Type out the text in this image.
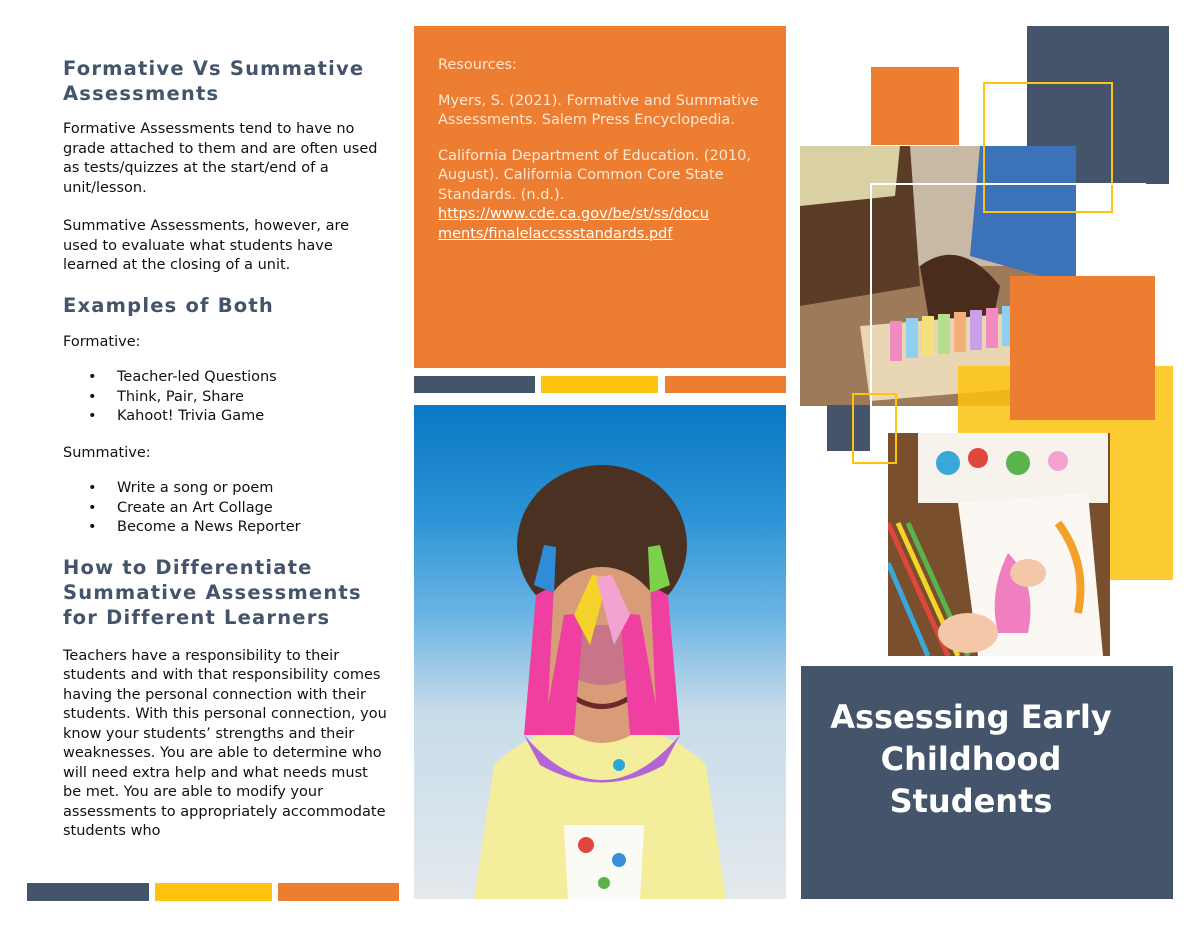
Formative Vs Summative Assessments

Formative Assessments tend to have no grade attached to them and are often used as tests/quizzes at the start/end of a unit/lesson.

Summative Assessments, however, are used to evaluate what students have learned at the closing of a unit.

Examples of Both

Formative:

• Teacher-led Questions
• Think, Pair, Share
• Kahoot! Trivia Game

Summative:

• Write a song or poem
• Create an Art Collage
• Become a News Reporter
How to Differentiate Summative Assessments for Different Learners

Teachers have a responsibility to their students and with that responsibility comes having the personal connection with their students. With this personal connection, you know your students’ strengths and their weaknesses. You are able to determine who will need extra help and what needs must be met. You are able to modify your assessments to appropriately accommodate students who

Resources:

Myers, S. (2021). Formative and Summative Assessments. Salem Press Encyclopedia.

California Department of Education. (2010, August). California Common Core State Standards. (n.d.).

https://www.cde.ca.gov/be/st/ss/docu
ments/finalelaccssstandards.pdf

Assessing Early
Childhood
Students
